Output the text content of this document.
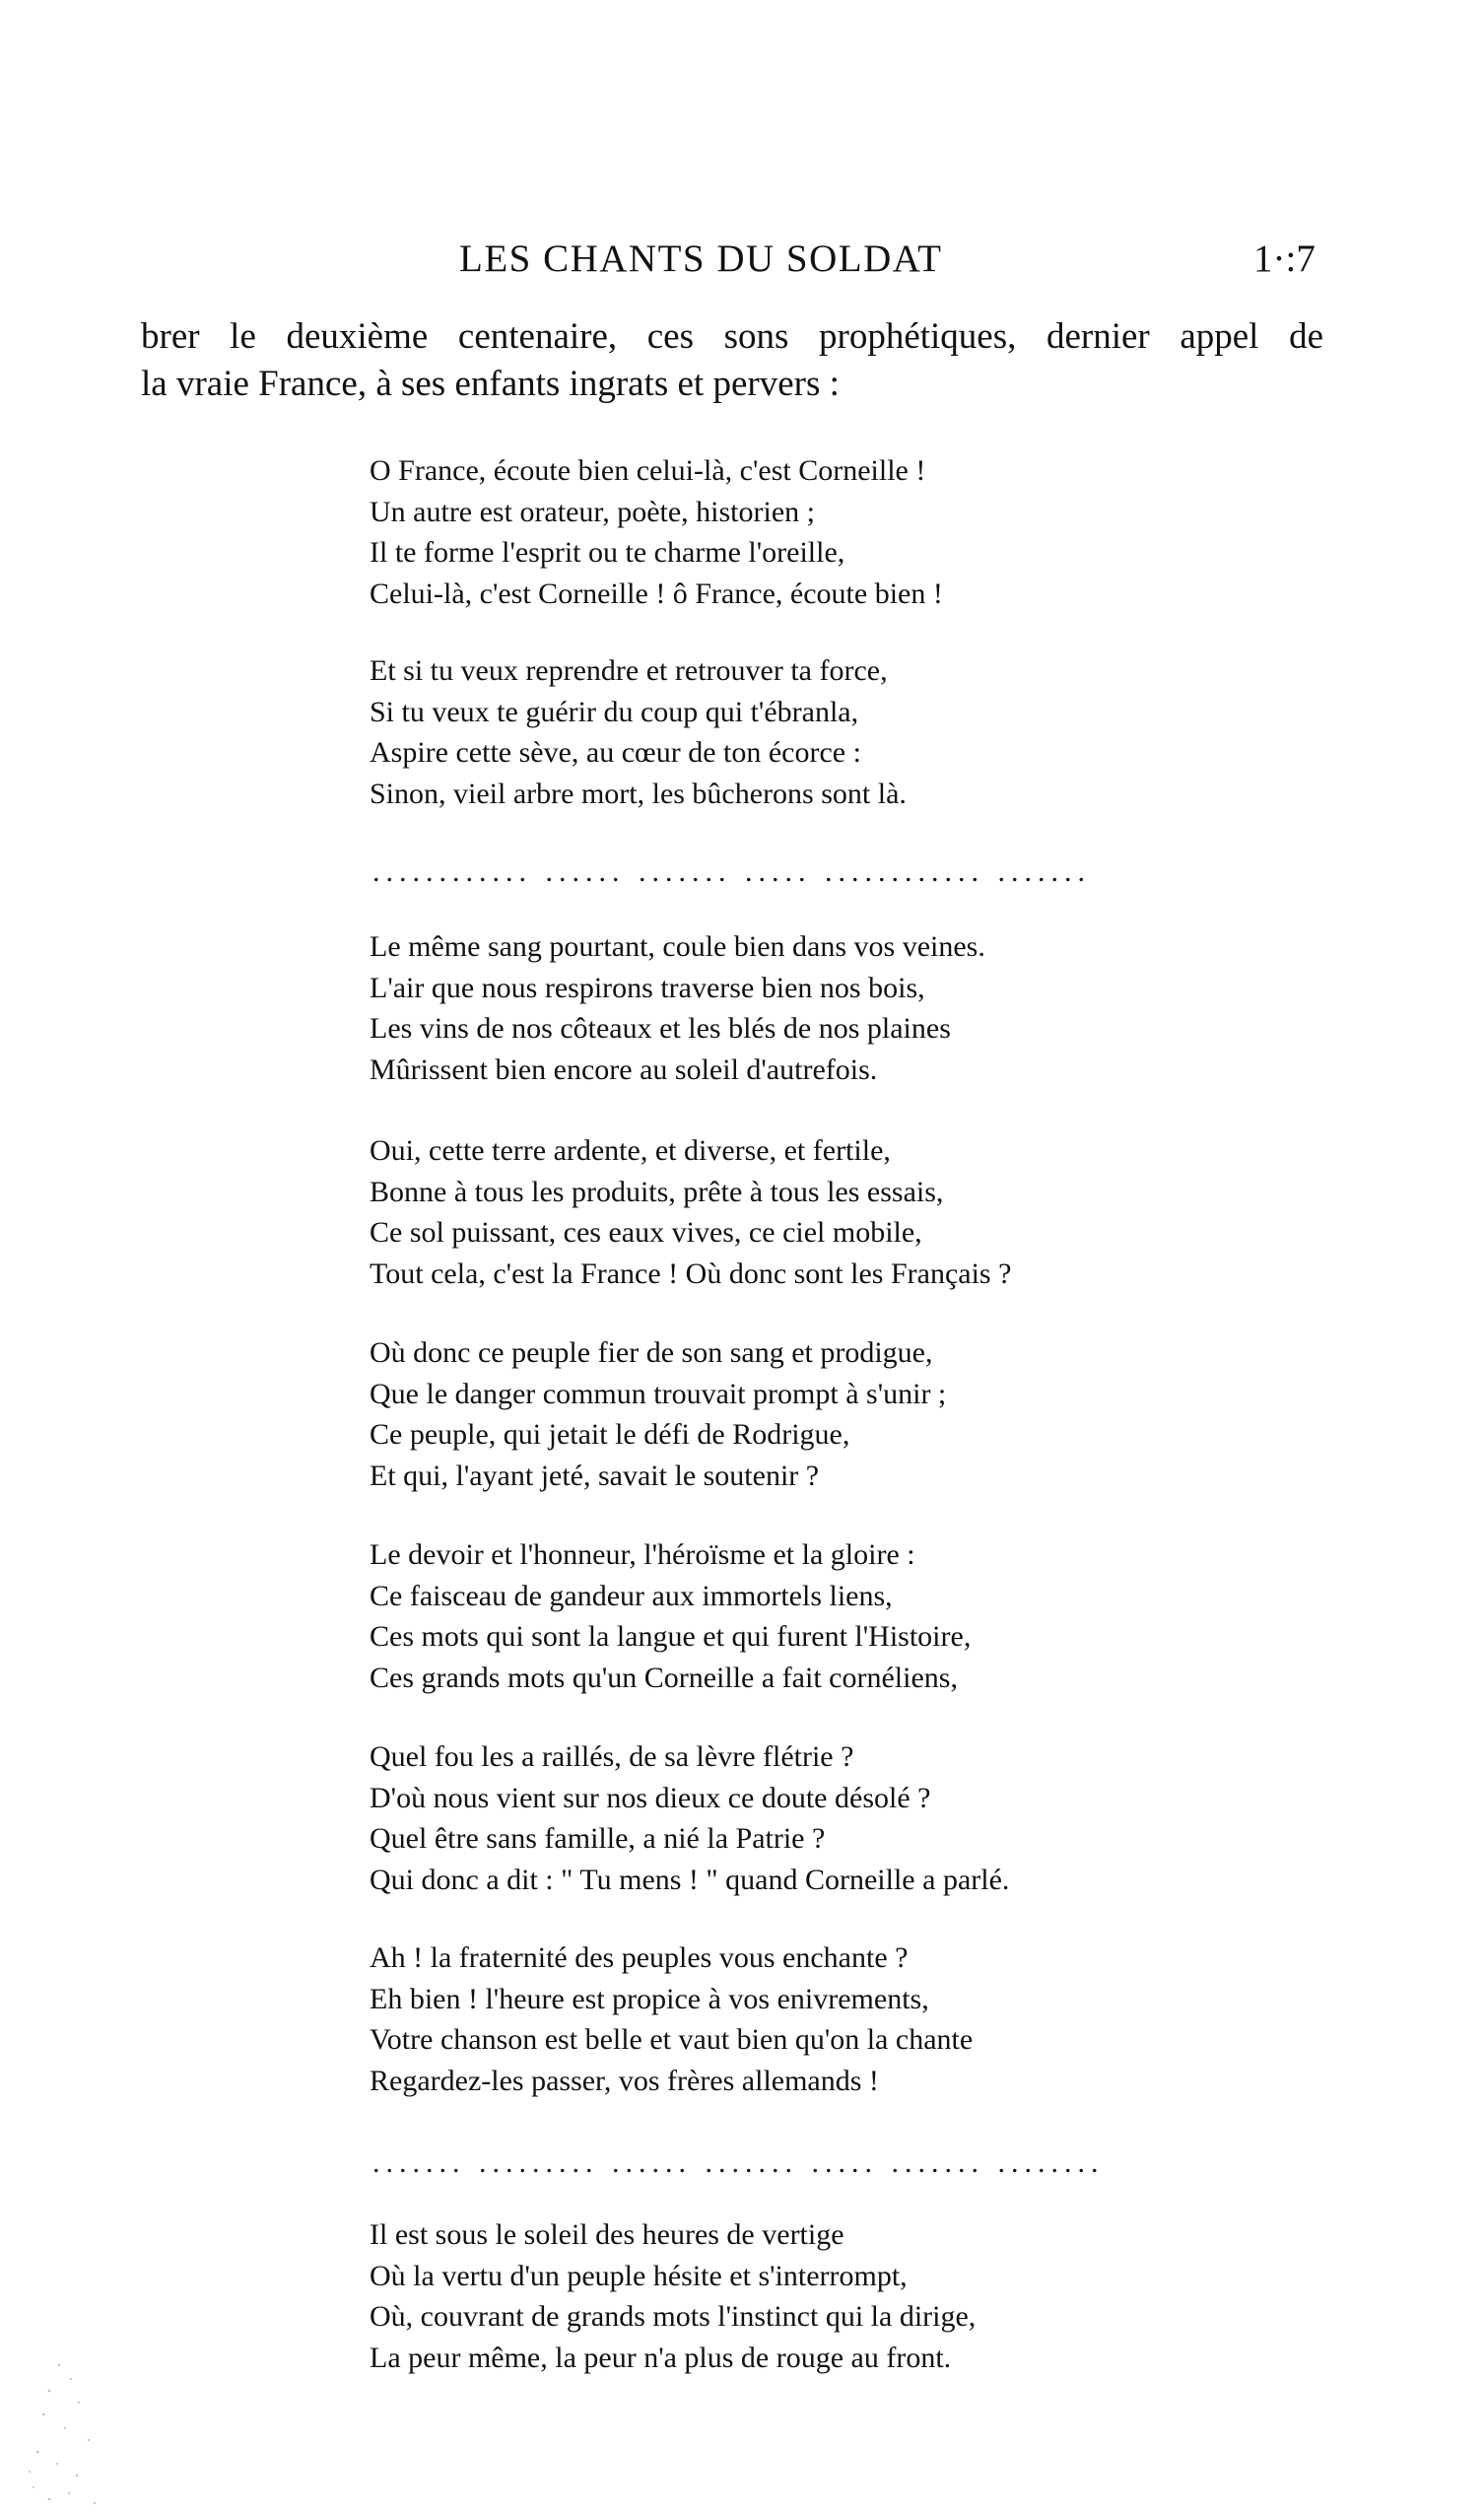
LES CHANTS DU SOLDAT	1·:7
brer le deuxième centenaire, ces sons prophétiques, dernier appel de
la vraie France, à ses enfants ingrats et pervers :
O France, écoute bien celui-là, c'est Corneille !
Un autre est orateur, poète, historien ;
Il te forme l'esprit ou te charme l'oreille,
Celui-là, c'est Corneille ! ô France, écoute bien !
Et si tu veux reprendre et retrouver ta force,
Si tu veux te guérir du coup qui t'ébranla,
Aspire cette sève, au cœur de ton écorce :
Sinon, vieil arbre mort, les bûcherons sont là.
............ ...... ....... ..... ............ .......
Le même sang pourtant, coule bien dans vos veines.
L'air que nous respirons traverse bien nos bois,
Les vins de nos côteaux et les blés de nos plaines
Mûrissent bien encore au soleil d'autrefois.
Oui, cette terre ardente, et diverse, et fertile,
Bonne à tous les produits, prête à tous les essais,
Ce sol puissant, ces eaux vives, ce ciel mobile,
Tout cela, c'est la France ! Où donc sont les Français ?
Où donc ce peuple fier de son sang et prodigue,
Que le danger commun trouvait prompt à s'unir ;
Ce peuple, qui jetait le défi de Rodrigue,
Et qui, l'ayant jeté, savait le soutenir ?
Le devoir et l'honneur, l'héroïsme et la gloire :
Ce faisceau de gandeur aux immortels liens,
Ces mots qui sont la langue et qui furent l'Histoire,
Ces grands mots qu'un Corneille a fait cornéliens,
Quel fou les a raillés, de sa lèvre flétrie ?
D'où nous vient sur nos dieux ce doute désolé ?
Quel être sans famille, a nié la Patrie ?
Qui donc a dit : " Tu mens ! " quand Corneille a parlé.
Ah ! la fraternité des peuples vous enchante ?
Eh bien ! l'heure est propice à vos enivrements,
Votre chanson est belle et vaut bien qu'on la chante
Regardez-les passer, vos frères allemands !
....... ......... ...... ....... ..... ....... ........
Il est sous le soleil des heures de vertige
Où la vertu d'un peuple hésite et s'interrompt,
Où, couvrant de grands mots l'instinct qui la dirige,
La peur même, la peur n'a plus de rouge au front.
